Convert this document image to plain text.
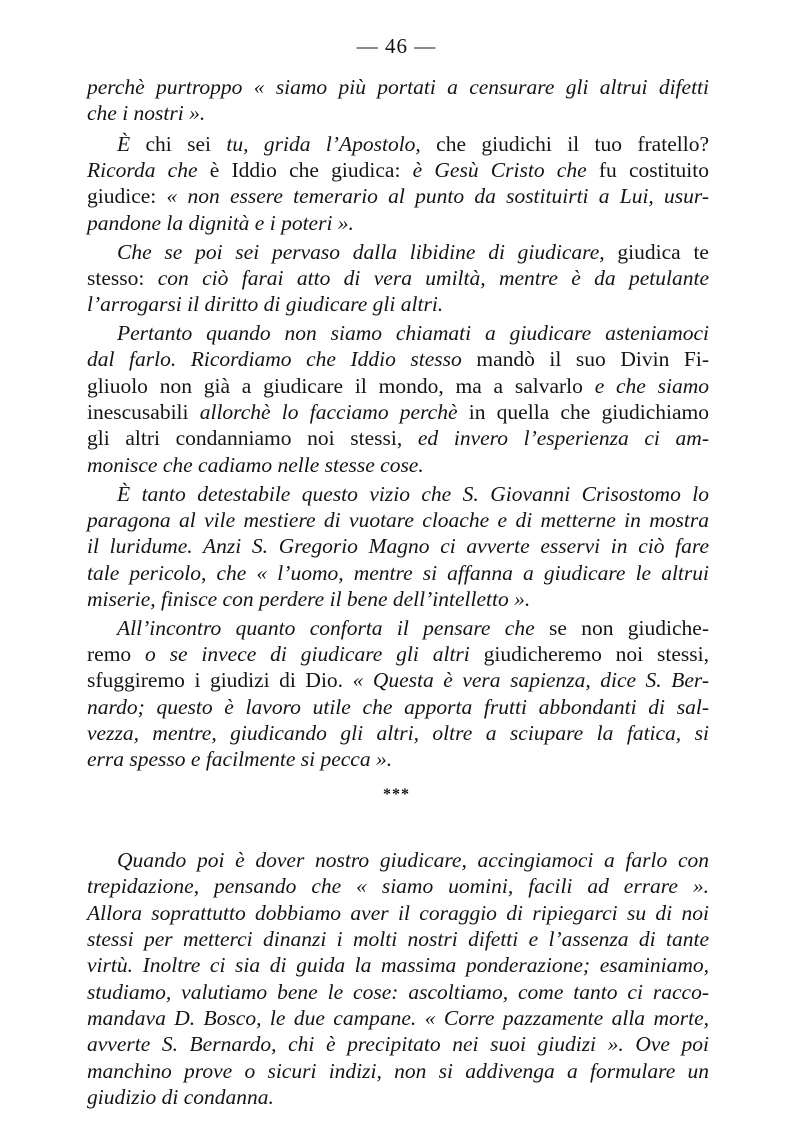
— 46 —
perchè purtroppo « siamo più portati a censurare gli altrui difetti
che i nostri ».
È chi sei tu, grida l’Apostolo, che giudichi il tuo fratello?
Ricorda che è Iddio che giudica: è Gesù Cristo che fu costituito
giudice: « non essere temerario al punto da sostituirti a Lui, usur-
pandone la dignità e i poteri ».
Che se poi sei pervaso dalla libidine di giudicare, giudica te
stesso: con ciò farai atto di vera umiltà, mentre è da petulante
l’arrogarsi il diritto di giudicare gli altri.
Pertanto quando non siamo chiamati a giudicare asteniamoci
dal farlo. Ricordiamo che Iddio stesso mandò il suo Divin Fi-
gliuolo non già a giudicare il mondo, ma a salvarlo e che siamo
inescusabili allorchè lo facciamo perchè in quella che giudichiamo
gli altri condanniamo noi stessi, ed invero l’esperienza ci am-
monisce che cadiamo nelle stesse cose.
È tanto detestabile questo vizio che S. Giovanni Crisostomo lo
paragona al vile mestiere di vuotare cloache e di metterne in mostra
il luridume. Anzi S. Gregorio Magno ci avverte esservi in ciò fare
tale pericolo, che « l’uomo, mentre si affanna a giudicare le altrui
miserie, finisce con perdere il bene dell’intelletto ».
All’incontro quanto conforta il pensare che se non giudiche-
remo o se invece di giudicare gli altri giudicheremo noi stessi,
sfuggiremo i giudizi di Dio. « Questa è vera sapienza, dice S. Ber-
nardo; questo è lavoro utile che apporta frutti abbondanti di sal-
vezza, mentre, giudicando gli altri, oltre a sciupare la fatica, si
erra spesso e facilmente si pecca ».
Quando poi è dover nostro giudicare, accingiamoci a farlo con
trepidazione, pensando che « siamo uomini, facili ad errare ».
Allora soprattutto dobbiamo aver il coraggio di ripiegarci su di noi
stessi per metterci dinanzi i molti nostri difetti e l’assenza di tante
virtù. Inoltre ci sia di guida la massima ponderazione; esaminiamo,
studiamo, valutiamo bene le cose: ascoltiamo, come tanto ci racco-
mandava D. Bosco, le due campane. « Corre pazzamente alla morte,
avverte S. Bernardo, chi è precipitato nei suoi giudizi ». Ove poi
manchino prove o sicuri indizi, non si addivenga a formulare un
giudizio di condanna.
***
